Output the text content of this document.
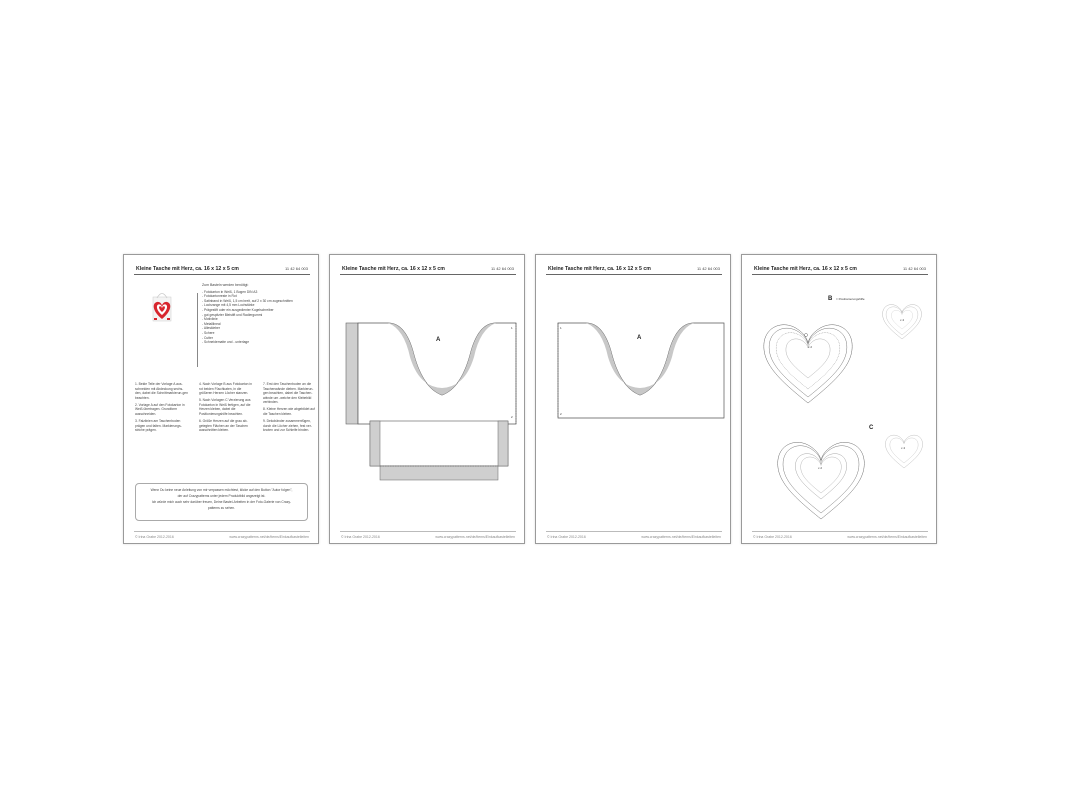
Kleine Tasche mit Herz, ca. 16 x 12 x 5 cm	11 42 64 003
Zum Basteln werden benötigt:
- Fotokarton in Weiß, 1 Bogen DIN A3
- Fotokartonreste in Rot
- Satinband in Weiß, 1,5 cm breit, auf 2 x 30 cm zugeschnitten
- Lochzange mit 4,5 mm Lochstärke
- Prägestift oder ein ausgedienter Kugelschreiber
- gut gespitzter Bleistift und Radiergummi
- Motivlinie
- Metalllineal
- Alleskleber
- Schere
- Cutter
- Schneidematte und - unterlage

1. Beide Teile der Vorlage A aus-schneiden mit Abdeckung sechs-den, dabei die Schnittmarkierun-gen beachten.

2. Vorlage A auf den Fotokarton in Weiß übertragen. Grundform ausschneiden.

3. Falzlinien am Taschenboden prägen und falten. Markierungs-striche prägen.

4. Nach Vorlage B aus Fotokarton in rot beiden Füschkaten, in die größeren Herzen Löcher stanzen.

5. Nach Vorlagen C Verzierung aus Fotokarton in Weiß fertigen, auf die Herzen kleben, dabei die Positionierungshilfe beachten.

6. Größe Herzen auf die grau ab-getegten Flächen an der Taschen ausschnitten kleben.

7. Erst den Taschenboden an die Taschenwände dieben. Markierun-gen beachten, dabei die Taschen-wände um -weiche den Klebebild verbinden.

8. Kleine Herzen wie abgebildet auf die Taschen kleben.

9. Dekobänder zusammenfügen, durch die Löcher ziehen, fest ver-knoten und zur Schleife binden.

Wenn Du keine neue Anleitung von mir verpassen möchtest, klicke auf den Button "Autor folgen",

der auf Crazypatterns unter jedem Produktbild angezeigt ist.

Ich würde mich auch sehr darüber freuen, Deine Bastel-Arbeiten in der Foto-Galerie von Crazy-

patterns zu sehen.

© Irina Grabe 2012-2016	www.crazypatterns.net/de/items/Einkaufkastelleiten
Kleine Tasche mit Herz, ca. 16 x 12 x 5 cm	11 42 64 003
A
1
2
© Irina Grabe 2012-2016	www.crazypatterns.net/de/items/Einkaufkastelleiten
Kleine Tasche mit Herz, ca. 16 x 12 x 5 cm	11 42 64 003
A
1
2
© Irina Grabe 2012-2016	www.crazypatterns.net/de/items/Einkaufkastelleiten
Kleine Tasche mit Herz, ca. 16 x 12 x 5 cm	11 42 64 003
B = Positionierungshilfe
x 2
x 4
C
x 2
x 4
© Irina Grabe 2012-2016	www.crazypatterns.net/de/items/Einkaufkastelleiten
